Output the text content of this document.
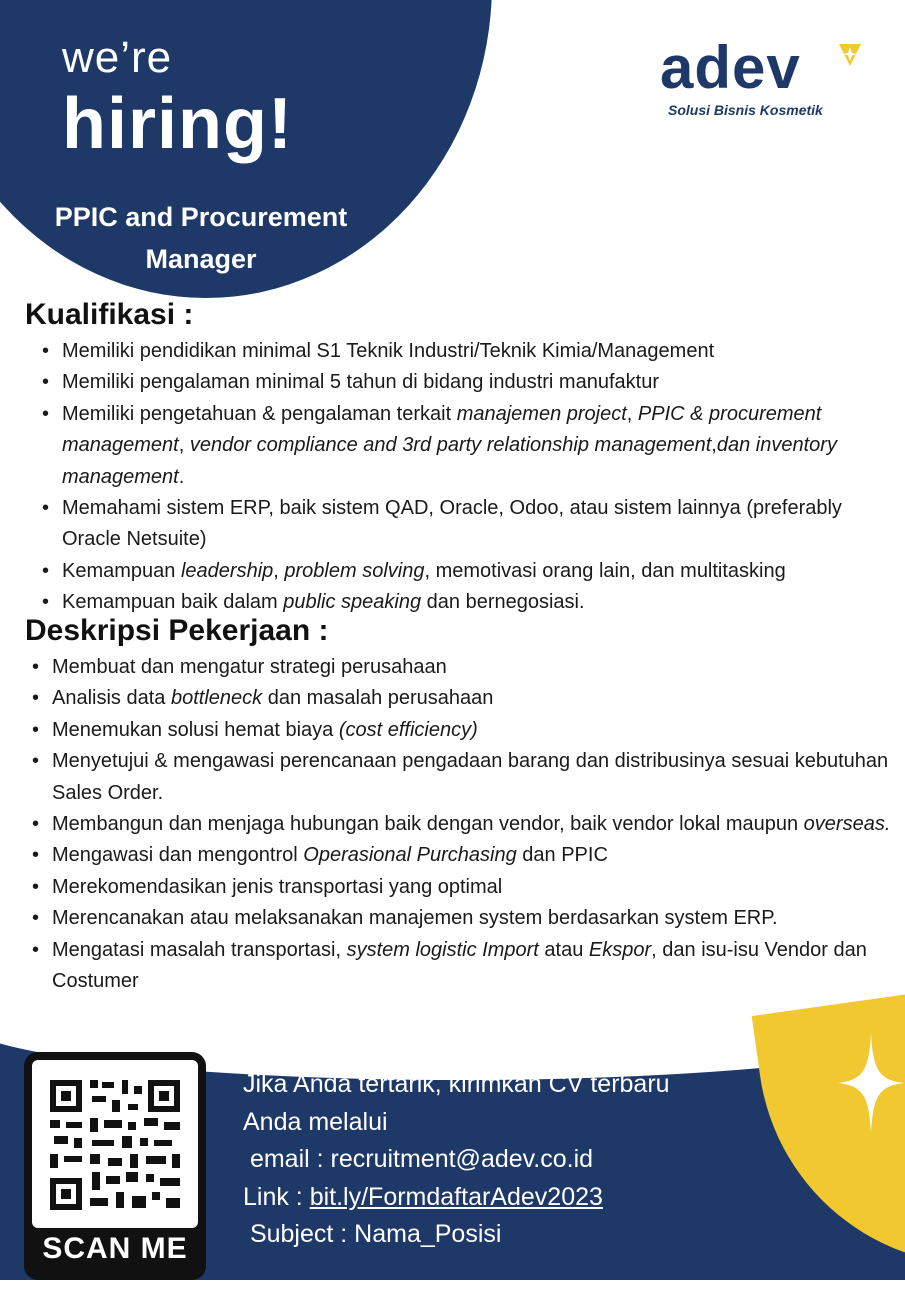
we’re
hiring!
PPIC and Procurement
Manager
adev
Solusi Bisnis Kosmetik
Kualifikasi :
• Memiliki pendidikan minimal S1 Teknik Industri/Teknik Kimia/Management
• Memiliki pengalaman minimal 5 tahun di bidang industri manufaktur
• Memiliki pengetahuan & pengalaman terkait manajemen project, PPIC & procurement management, vendor compliance and 3rd party relationship management,dan inventory management.
• Memahami sistem ERP, baik sistem QAD, Oracle, Odoo, atau sistem lainnya (preferably Oracle Netsuite)
• Kemampuan leadership, problem solving, memotivasi orang lain, dan multitasking
• Kemampuan baik dalam public speaking dan bernegosiasi.
Deskripsi Pekerjaan :
• Membuat dan mengatur strategi perusahaan
• Analisis data bottleneck dan masalah perusahaan
• Menemukan solusi hemat biaya (cost efficiency)
• Menyetujui & mengawasi perencanaan pengadaan barang dan distribusinya sesuai kebutuhan Sales Order.
• Membangun dan menjaga hubungan baik dengan vendor, baik vendor lokal maupun overseas.
• Mengawasi dan mengontrol Operasional Purchasing dan PPIC
• Merekomendasikan jenis transportasi yang optimal
• Merencanakan atau melaksanakan manajemen system berdasarkan system ERP.
• Mengatasi masalah transportasi, system logistic Import atau Ekspor, dan isu-isu Vendor dan Costumer
SCAN ME
Jika Anda tertarik, kirimkan CV terbaru
Anda melalui
email : recruitment@adev.co.id
Link : bit.ly/FormdaftarAdev2023
Subject : Nama_Posisi
